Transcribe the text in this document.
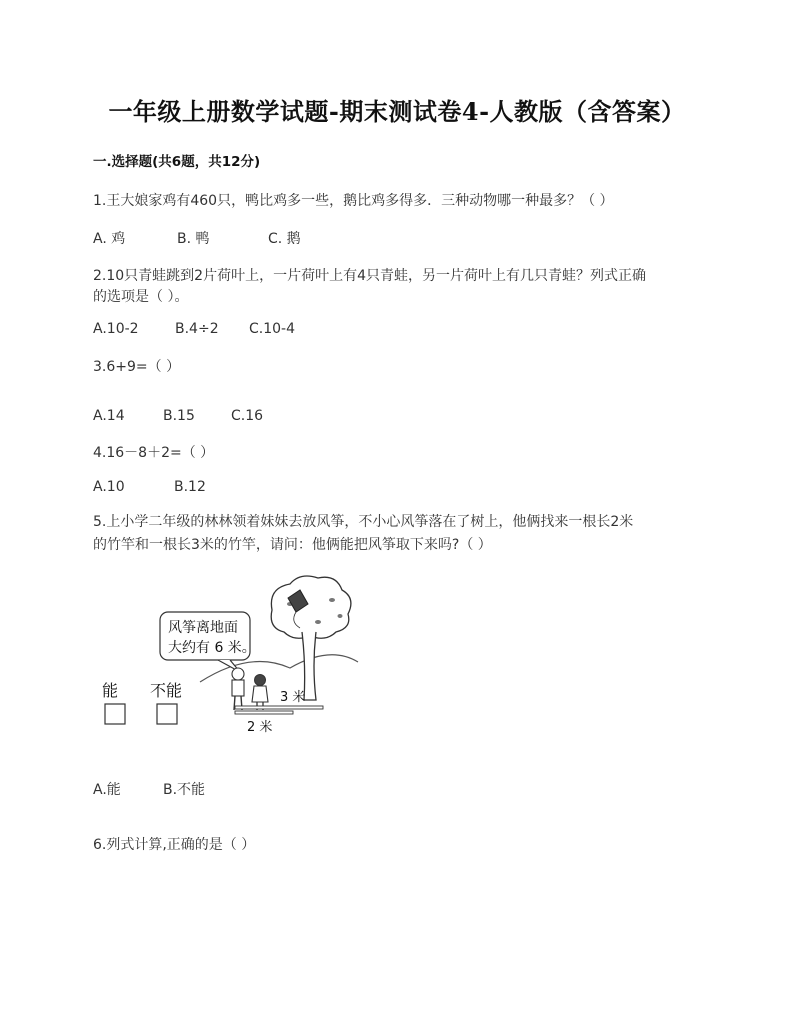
一年级上册数学试题-期末测试卷4-人教版（含答案）
一.选择题(共6题，共12分)
1.王大娘家鸡有460只，鸭比鸡多一些，鹅比鸡多得多．三种动物哪一种最多？（ ）
A. 鸡	B. 鸭	C. 鹅
2.10只青蛙跳到2片荷叶上，一片荷叶上有4只青蛙，另一片荷叶上有几只青蛙？列式正确
的选项是（ ）。
A.10-2	B.4÷2 C.10-4
3.6+9=（ ）
A.14	B.15	C.16
4.16－8＋2=（ ）
A.10	B.12
5.上小学二年级的林林领着妹妹去放风筝，不小心风筝落在了树上，他俩找来一根长2米
的竹竿和一根长3米的竹竿，请问：他俩能把风筝取下来吗?（ ）
风筝离地面
大约有 6 米。
3 米
2 米
能 不能
A.能	B.不能
6.列式计算,正确的是（ ）
